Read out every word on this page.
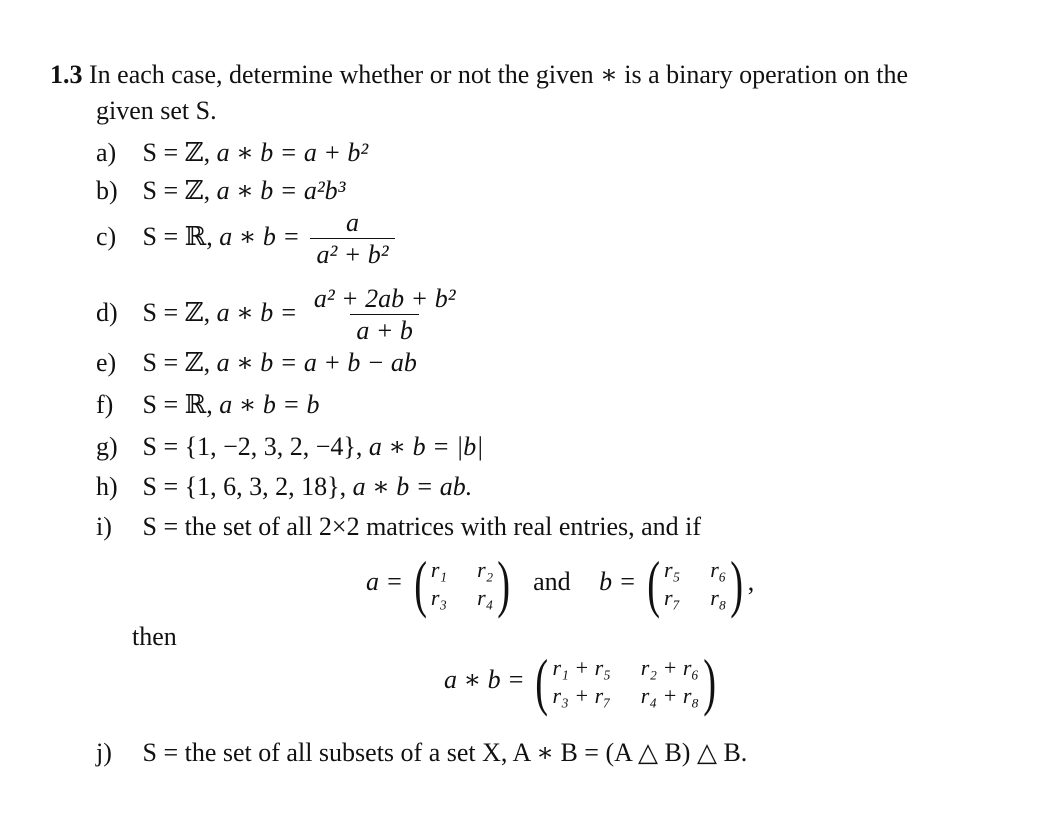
1.3 In each case, determine whether or not the given ∗ is a binary operation on the
given set S.
a) S = ℤ, a ∗ b = a + b²
b) S = ℤ, a ∗ b = a²b³
c) S = ℝ, a ∗ $b = \frac{a}{\text{a² + b²}}$
d) S = ℤ, a ∗ $b = \frac{\text{a² + 2ab + b²}}{a + b}$
e) S = ℤ, a ∗ b = a + b − ab
f) S = ℝ, a ∗ b = b
g) S = {1, −2, 3, 2, −4}, a ∗ b = |b|
h) S = {1, 6, 3, 2, 18}, a ∗ b = ab.
i) S = the set of all 2×2 matrices with real entries, and if
a = ( r₁ r₂
r₃ r₄ ) and b = ( r₅ r₆
r₇ r₈ ) ,
then
a ∗ b = ( r₁ + r₅ r₂ + r₆
r₃ + r₇ r₄ + r₈ )
j) S = the set of all subsets of a set X, A ∗ B = (A △ B) △ B.
